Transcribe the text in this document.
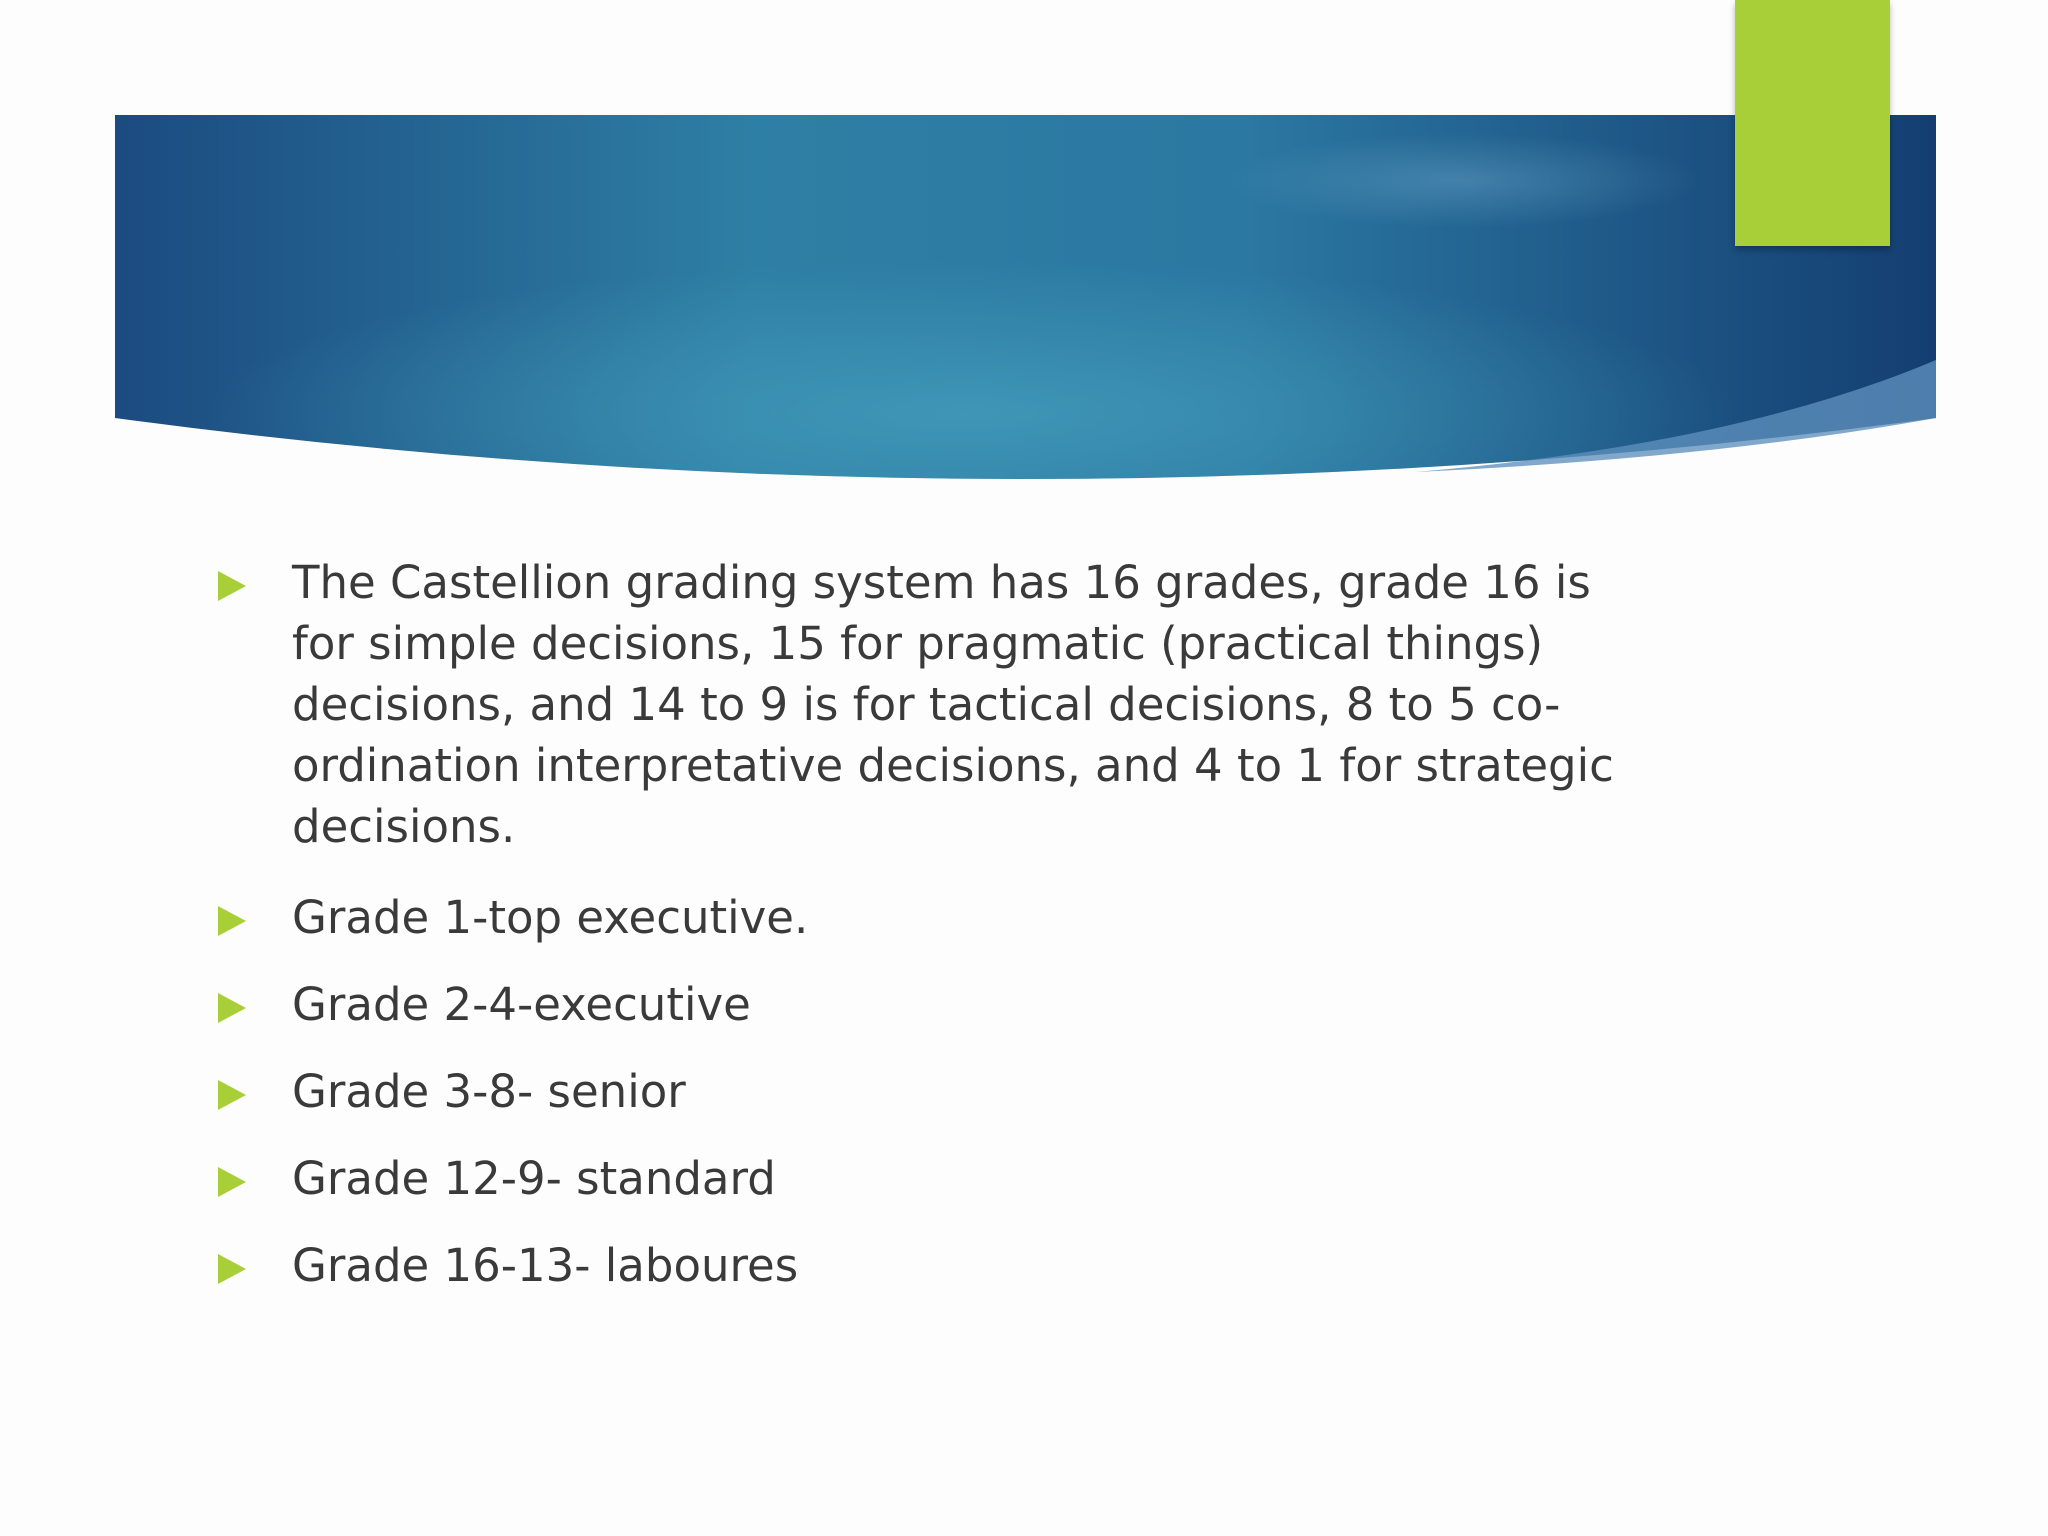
The Castellion grading system has 16 grades, grade 16 is for simple decisions, 15 for pragmatic (practical things) decisions, and 14 to 9 is for tactical decisions, 8 to 5 co-ordination interpretative decisions, and 4 to 1 for strategic decisions.
Grade 1-top executive.
Grade 2-4-executive
Grade 3-8- senior
Grade 12-9- standard
Grade 16-13- laboures
